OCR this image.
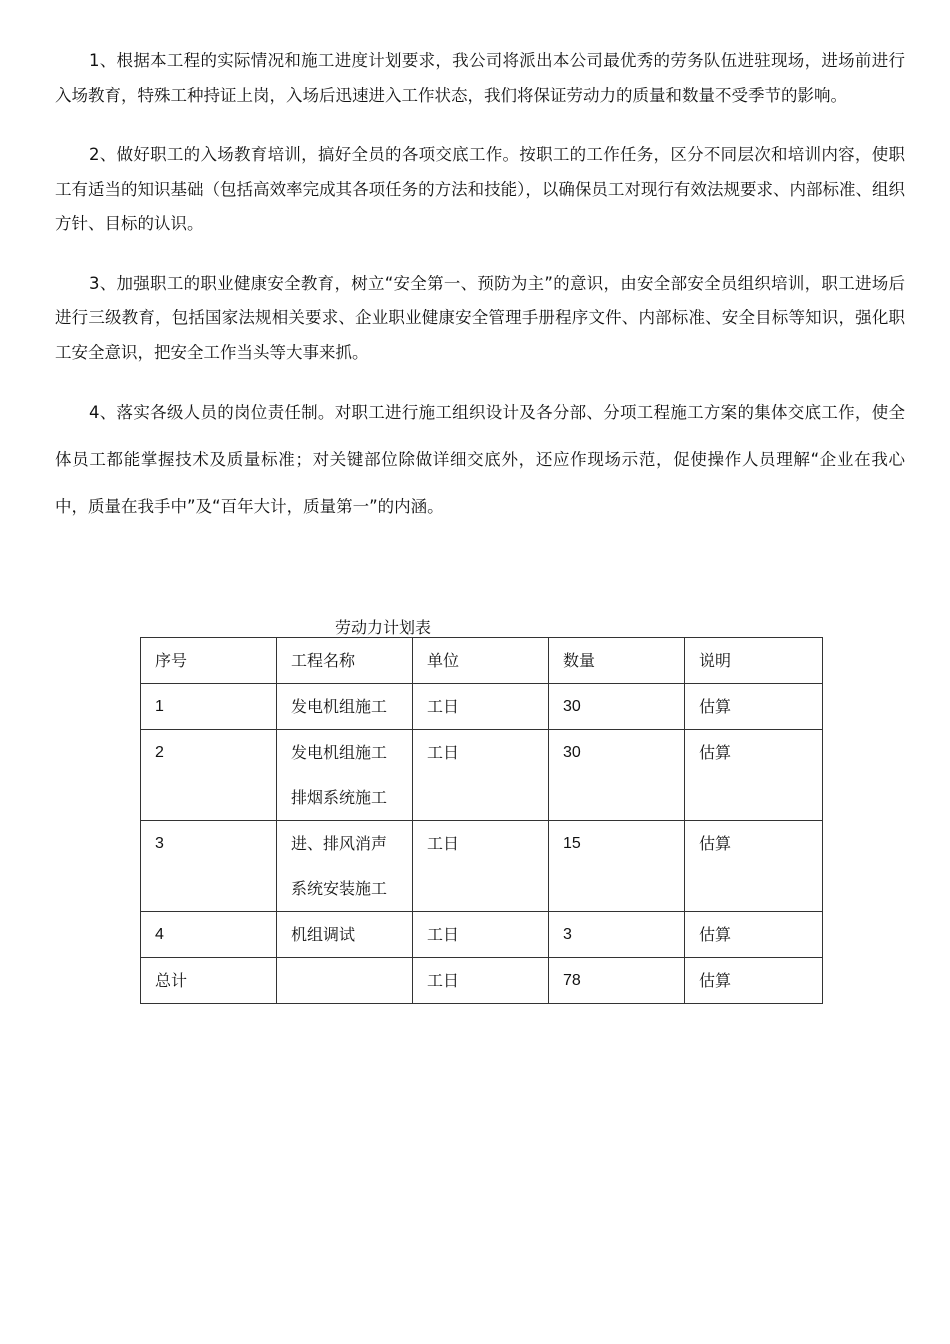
1、根据本工程的实际情况和施工进度计划要求，我公司将派出本公司最优秀的劳务队伍进驻现场，进场前进行入场教育，特殊工种持证上岗，入场后迅速进入工作状态，我们将保证劳动力的质量和数量不受季节的影响。

2、做好职工的入场教育培训，搞好全员的各项交底工作。按职工的工作任务，区分不同层次和培训内容，使职工有适当的知识基础（包括高效率完成其各项任务的方法和技能），以确保员工对现行有效法规要求、内部标准、组织方针、目标的认识。

3、加强职工的职业健康安全教育，树立“安全第一、预防为主”的意识，由安全部安全员组织培训，职工进场后进行三级教育，包括国家法规相关要求、企业职业健康安全管理手册程序文件、内部标准、安全目标等知识，强化职工安全意识，把安全工作当头等大事来抓。

4、落实各级人员的岗位责任制。对职工进行施工组织设计及各分部、分项工程施工方案的集体交底工作，使全体员工都能掌握技术及质量标准；对关键部位除做详细交底外，还应作现场示范，促使操作人员理解“企业在我心中，质量在我手中”及“百年大计，质量第一”的内涵。

劳动力计划表
序号	工程名称	单位	数量	说明
1	发电机组施工	工日	30	估算
2	发电机组施工
排烟系统施工	工日	30	估算
3	进、排风消声
系统安装施工	工日	15	估算
4	机组调试	工日	3	估算
总计		工日	78	估算
